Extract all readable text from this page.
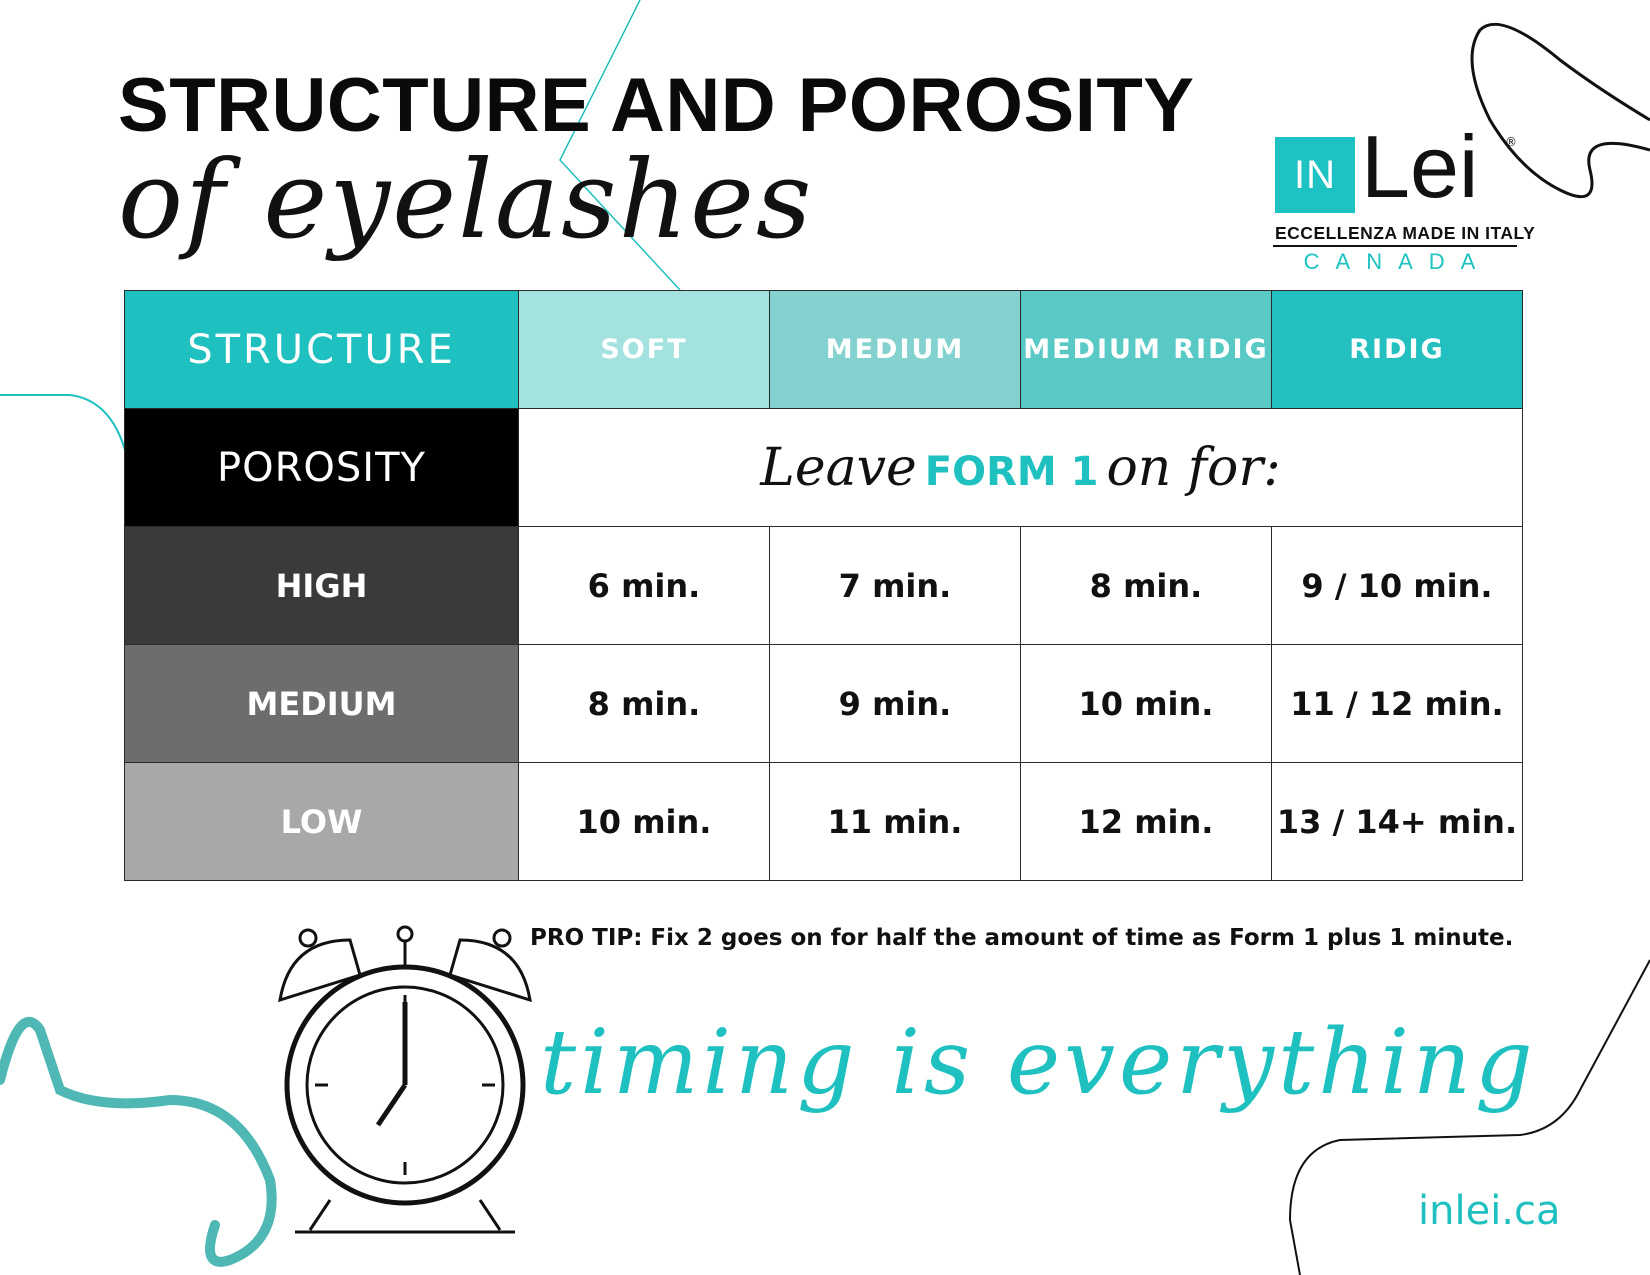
STRUCTURE AND POROSITY
of eyelashes	IN Lei ®
ECCELLENZA MADE IN ITALY
CANADA
STRUCTURE	SOFT	MEDIUM	MEDIUM RIDIG	RIDIG
POROSITY	Leave FORM 1 on for:			
HIGH	6 min.	7 min.	8 min.	9 / 10 min.
MEDIUM	8 min.	9 min.	10 min.	11 / 12 min.
LOW	10 min.	11 min.	12 min.	13 / 14+ min.
PRO TIP: Fix 2 goes on for half the amount of time as Form 1 plus 1 minute.
timing is everything
inlei.ca
